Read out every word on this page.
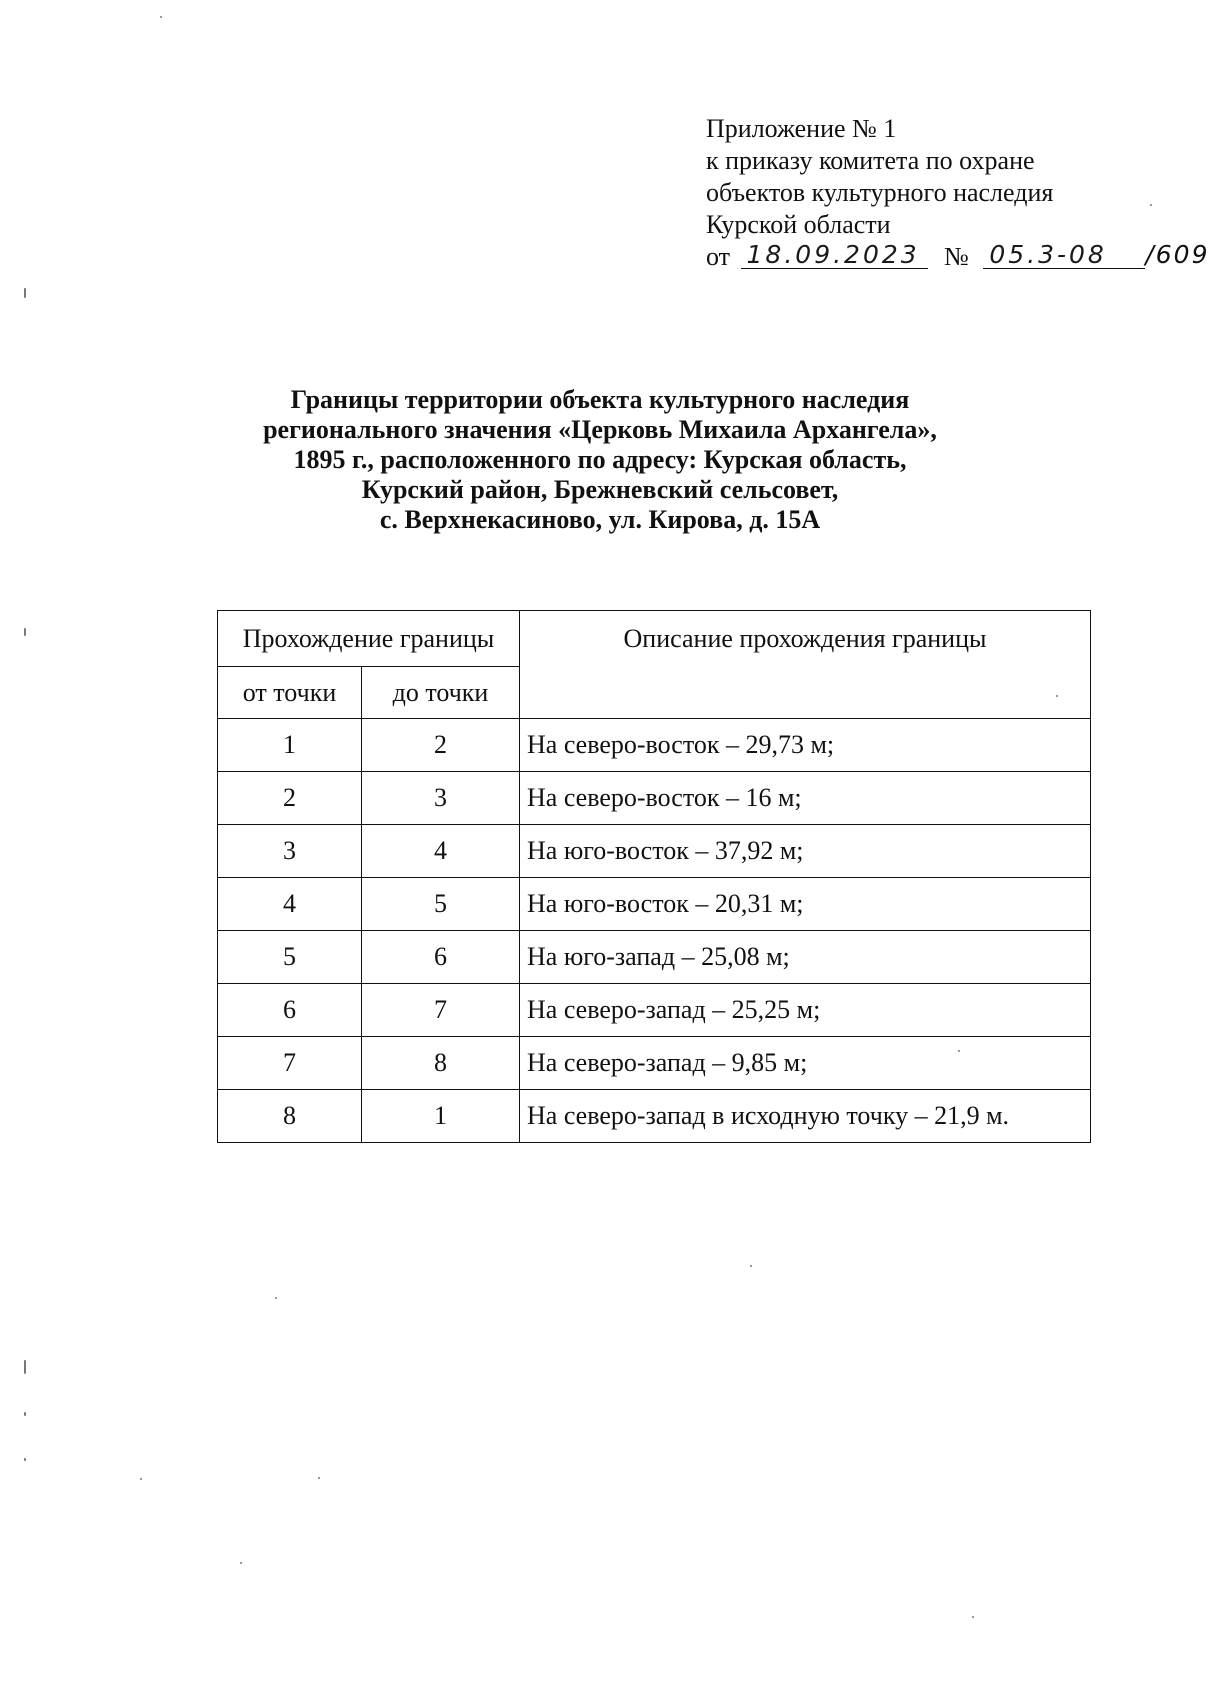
Приложение № 1
к приказу комитета по охране
объектов культурного наследия
Курской области
от 18.09.2023 № 05.3-08 /609
Границы территории объекта культурного наследия
регионального значения «Церковь Михаила Архангела»,
1895 г., расположенного по адресу: Курская область,
Курский район, Брежневский сельсовет,
с. Верхнекасиново, ул. Кирова, д. 15А
Прохождение границы		Описание прохождения границы
от точки	до точки	
1	2	На северо-восток – 29,73 м;
2	3	На северо-восток – 16 м;
3	4	На юго-восток – 37,92 м;
4	5	На юго-восток – 20,31 м;
5	6	На юго-запад – 25,08 м;
6	7	На северо-запад – 25,25 м;
7	8	На северо-запад – 9,85 м;
8	1	На северо-запад в исходную точку – 21,9 м.
